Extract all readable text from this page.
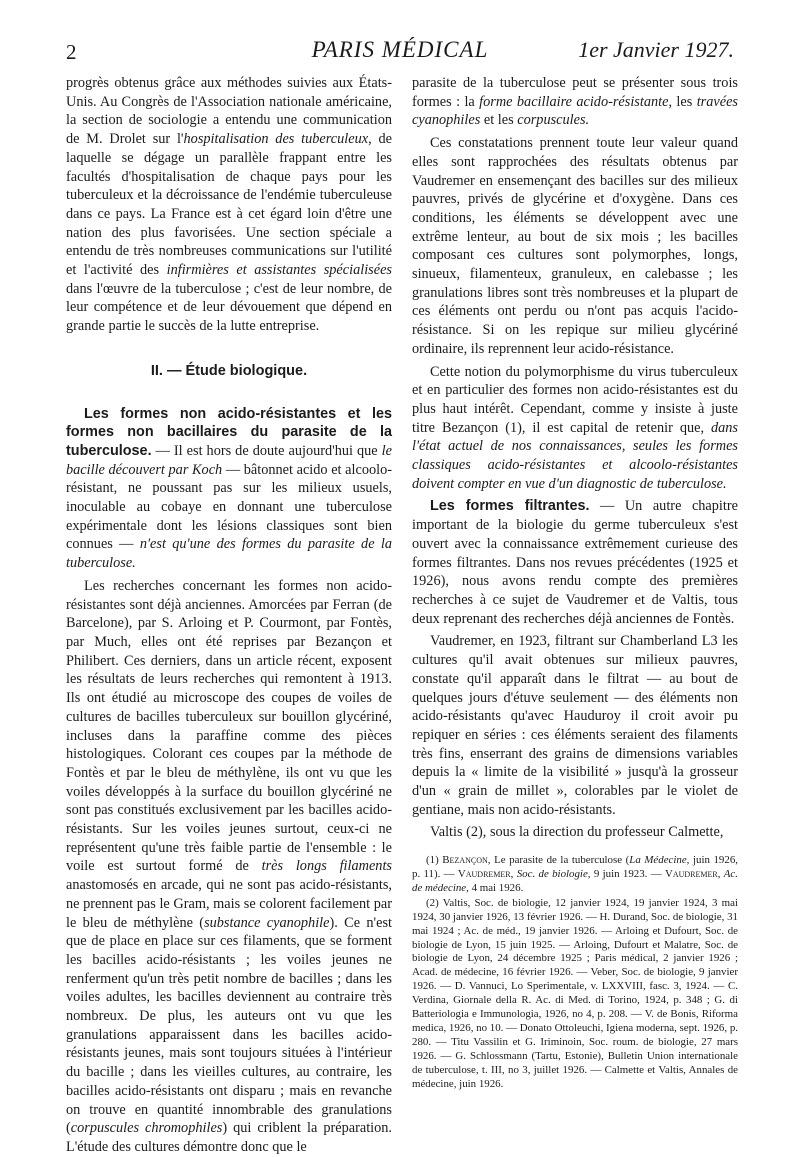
2	PARIS MÉDICAL	1er Janvier 1927.

progrès obtenus grâce aux méthodes suivies aux États-Unis. Au Congrès de l'Association nationale américaine, la section de sociologie a entendu une communication de M. Drolet sur l'hospitalisation des tuberculeux, de laquelle se dégage un parallèle frappant entre les facultés d'hospitalisation de chaque pays pour les tuberculeux et la décroissance de l'endémie tuberculeuse dans ce pays. La France est à cet égard loin d'être une nation des plus favorisées. Une section spéciale a entendu de très nombreuses communications sur l'utilité et l'activité des infirmières et assistantes spécialisées dans l'œuvre de la tuberculose ; c'est de leur nombre, de leur compétence et de leur dévouement que dépend en grande partie le succès de la lutte entreprise.

II. — Étude biologique.

Les formes non acido-résistantes et les formes non bacillaires du parasite de la tuberculose. — Il est hors de doute aujourd'hui que le bacille découvert par Koch — bâtonnet acido et alcoolo-résistant, ne poussant pas sur les milieux usuels, inoculable au cobaye en donnant une tuberculose expérimentale dont les lésions classiques sont bien connues — n'est qu'une des formes du parasite de la tuberculose.

Les recherches concernant les formes non acido-résistantes sont déjà anciennes. Amorcées par Ferran (de Barcelone), par S. Arloing et P. Courmont, par Fontès, par Much, elles ont été reprises par Bezançon et Philibert. Ces derniers, dans un article récent, exposent les résultats de leurs recherches qui remontent à 1913. Ils ont étudié au microscope des coupes de voiles de cultures de bacilles tuberculeux sur bouillon glycériné, incluses dans la paraffine comme des pièces histologiques. Colorant ces coupes par la méthode de Fontès et par le bleu de méthylène, ils ont vu que les voiles développés à la surface du bouillon glycériné ne sont pas constitués exclusivement par les bacilles acido-résistants. Sur les voiles jeunes surtout, ceux-ci ne représentent qu'une très faible partie de l'ensemble : le voile est surtout formé de très longs filaments anastomosés en arcade, qui ne sont pas acido-résistants, ne prennent pas le Gram, mais se colorent facilement par le bleu de méthylène (substance cyanophile). Ce n'est que de place en place sur ces filaments, que se forment les bacilles acido-résistants ; les voiles jeunes ne renferment qu'un très petit nombre de bacilles ; dans les voiles adultes, les bacilles deviennent au contraire très nombreux. De plus, les auteurs ont vu que les granulations apparaissent dans les bacilles acido-résistants jeunes, mais sont toujours situées à l'intérieur du bacille ; dans les vieilles cultures, au contraire, les bacilles acido-résistants ont disparu ; mais en revanche on trouve en quantité innombrable des granulations (corpuscules chromophiles) qui criblent la préparation. L'étude des cultures démontre donc que le

parasite de la tuberculose peut se présenter sous trois formes : la forme bacillaire acido-résistante, les travées cyanophiles et les corpuscules.

Ces constatations prennent toute leur valeur quand elles sont rapprochées des résultats obtenus par Vaudremer en ensemençant des bacilles sur des milieux pauvres, privés de glycérine et d'oxygène. Dans ces conditions, les éléments se développent avec une extrême lenteur, au bout de six mois ; les bacilles composant ces cultures sont polymorphes, longs, sinueux, filamenteux, granuleux, en calebasse ; les granulations libres sont très nombreuses et la plupart de ces éléments ont perdu ou n'ont pas acquis l'acido-résistance. Si on les repique sur milieu glycériné ordinaire, ils reprennent leur acido-résistance.

Cette notion du polymorphisme du virus tuberculeux et en particulier des formes non acido-résistantes est du plus haut intérêt. Cependant, comme y insiste à juste titre Bezançon (1), il est capital de retenir que, dans l'état actuel de nos connaissances, seules les formes classiques acido-résistantes et alcoolo-résistantes doivent compter en vue d'un diagnostic de tuberculose.

Les formes filtrantes. — Un autre chapitre important de la biologie du germe tuberculeux s'est ouvert avec la connaissance extrêmement curieuse des formes filtrantes. Dans nos revues précédentes (1925 et 1926), nous avons rendu compte des premières recherches à ce sujet de Vaudremer et de Valtis, tous deux reprenant des recherches déjà anciennes de Fontès.

Vaudremer, en 1923, filtrant sur Chamberland L3 les cultures qu'il avait obtenues sur milieux pauvres, constate qu'il apparaît dans le filtrat — au bout de quelques jours d'étuve seulement — des éléments non acido-résistants qu'avec Hauduroy il croit avoir pu repiquer en séries : ces éléments seraient des filaments très fins, enserrant des grains de dimensions variables depuis la « limite de la visibilité » jusqu'à la grosseur d'un « grain de millet », colorables par le violet de gentiane, mais non acido-résistants.

Valtis (2), sous la direction du professeur Calmette,

(1) Bezançon, Le parasite de la tuberculose (La Médecine, juin 1926, p. 11). — Vaudremer, Soc. de biologie, 9 juin 1923. — Vaudremer, Ac. de médecine, 4 mai 1926.

(2) Valtis, Soc. de biologie, 12 janvier 1924, 19 janvier 1924, 3 mai 1924, 30 janvier 1926, 13 février 1926. — H. Durand, Soc. de biologie, 31 mai 1924 ; Ac. de méd., 19 janvier 1926. — Arloing et Dufourt, Soc. de biologie de Lyon, 15 juin 1925. — Arloing, Dufourt et Malatre, Soc. de biologie de Lyon, 24 décembre 1925 ; Paris médical, 2 janvier 1926 ; Acad. de médecine, 16 février 1926. — Veber, Soc. de biologie, 9 janvier 1926. — D. Vannuci, Lo Sperimentale, v. LXXVIII, fasc. 3, 1924. — C. Verdina, Giornale della R. Ac. di Med. di Torino, 1924, p. 348 ; G. di Batteriologia e Immunologia, 1926, no 4, p. 208. — V. de Bonis, Riforma medica, 1926, no 10. — Donato Ottoleuchi, Igiena moderna, sept. 1926, p. 280. — Titu Vassilin et G. Iriminoin, Soc. roum. de biologie, 27 mars 1926. — G. Schlossmann (Tartu, Estonie), Bulletin Union internationale de tuberculose, t. III, no 3, juillet 1926. — Calmette et Valtis, Annales de médecine, juin 1926.
